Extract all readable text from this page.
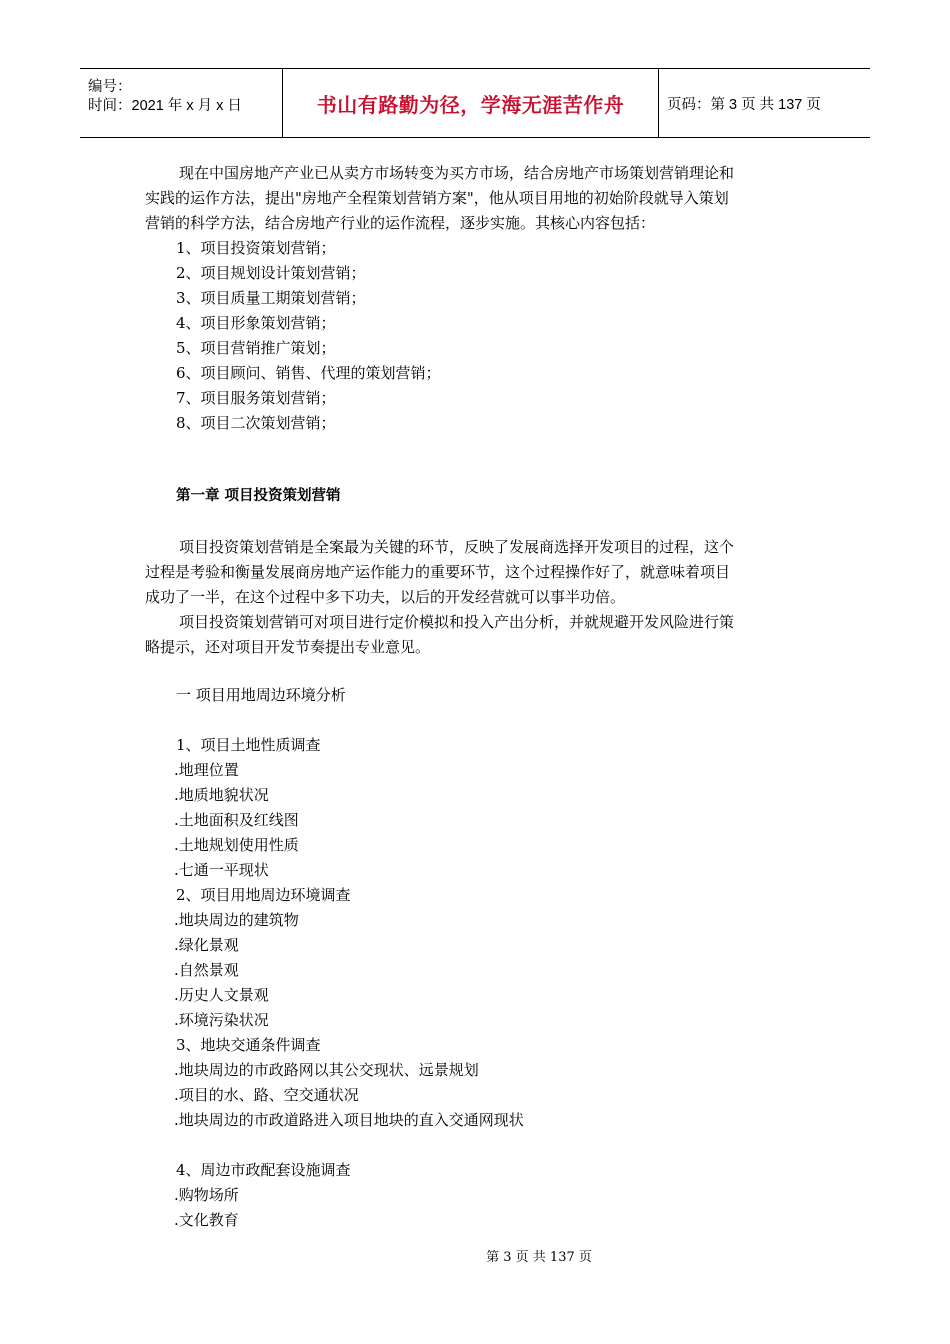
编号：
时间：2021 年 x 月 x 日	书山有路勤为径，学海无涯苦作舟	页码：第 3 页 共 137 页
现在中国房地产产业已从卖方市场转变为买方市场，结合房地产市场策划营销理论和
实践的运作方法，提出"房地产全程策划营销方案"，他从项目用地的初始阶段就导入策划
营销的科学方法，结合房地产行业的运作流程，逐步实施。其核心内容包括：
1、项目投资策划营销；
2、项目规划设计策划营销；
3、项目质量工期策划营销；
4、项目形象策划营销；
5、项目营销推广策划；
6、项目顾问、销售、代理的策划营销；
7、项目服务策划营销；
8、项目二次策划营销；
第一章 项目投资策划营销
项目投资策划营销是全案最为关键的环节，反映了发展商选择开发项目的过程，这个
过程是考验和衡量发展商房地产运作能力的重要环节，这个过程操作好了，就意味着项目
成功了一半，在这个过程中多下功夫，以后的开发经营就可以事半功倍。
项目投资策划营销可对项目进行定价模拟和投入产出分析，并就规避开发风险进行策
略提示，还对项目开发节奏提出专业意见。
一 项目用地周边环境分析
1、项目土地性质调查
.地理位置
.地质地貌状况
.土地面积及红线图
.土地规划使用性质
.七通一平现状
2、项目用地周边环境调查
.地块周边的建筑物
.绿化景观
.自然景观
.历史人文景观
.环境污染状况
3、地块交通条件调查
.地块周边的市政路网以其公交现状、远景规划
.项目的水、路、空交通状况
.地块周边的市政道路进入项目地块的直入交通网现状
4、周边市政配套设施调查
.购物场所
.文化教育
第 3 页 共 137 页
